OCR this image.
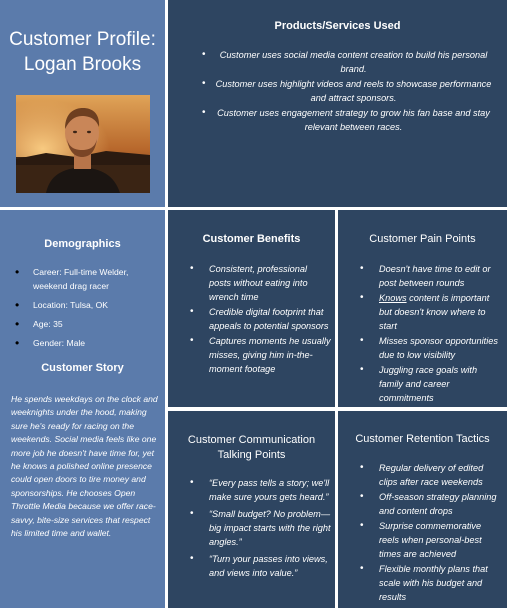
Customer Profile:
Logan Brooks
Products/Services Used
• Customer uses social media content creation to build his personal brand.
• Customer uses highlight videos and reels to showcase performance and attract sponsors.
• Customer uses engagement strategy to grow his fan base and stay relevant between races.
Demographics
• Career: Full-time Welder, weekend drag racer
• Location: Tulsa, OK
• Age: 35
• Gender: Male
Customer Story

He spends weekdays on the clock and weeknights under the hood, making sure he's ready for racing on the weekends. Social media feels like one more job he doesn't have time for, yet he knows a polished online presence could open doors to tire money and sponsorships. He chooses Open Throttle Media because we offer race-savvy, bite-size services that respect his limited time and wallet.

Customer Benefits
• Consistent, professional posts without eating into wrench time
• Credible digital footprint that appeals to potential sponsors
• Captures moments he usually misses, giving him in-the-moment footage
Customer Pain Points
• Doesn't have time to edit or post between rounds
• Knows content is important but doesn't know where to start
• Misses sponsor opportunities due to low visibility
• Juggling race goals with family and career commitments
Customer Communication Talking Points
• “Every pass tells a story; we'll make sure yours gets heard.”
• “Small budget? No problem—big impact starts with the right angles.”
• “Turn your passes into views, and views into value.”
Customer Retention Tactics
• Regular delivery of edited clips after race weekends
• Off-season strategy planning and content drops
• Surprise commemorative reels when personal-best times are achieved
• Flexible monthly plans that scale with his budget and results
